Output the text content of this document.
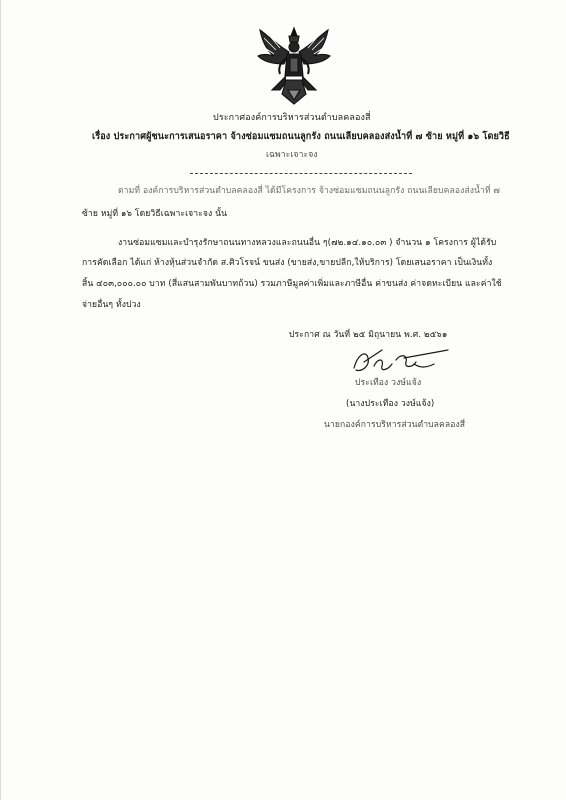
ประกาศองค์การบริหารส่วนตำบลคลองสี่
เรื่อง ประกาศผู้ชนะการเสนอราคา จ้างซ่อมแซมถนนลูกรัง ถนนเลียบคลองส่งน้ำที่ ๗ ซ้าย หมู่ที่ ๑๖ โดยวิธี
เฉพาะเจาะจง
ตามที่ องค์การบริหารส่วนตำบลคลองสี่ ได้มีโครงการ จ้างซ่อมแซมถนนลูกรัง ถนนเลียบคลองส่งน้ำที่ ๗
ซ้าย หมู่ที่ ๑๖ โดยวิธีเฉพาะเจาะจง นั้น
งานซ่อมแซมและบำรุงรักษาถนนทางหลวงและถนนอื่น ๆ(๗๒.๑๔.๑๐.๐๓ ) จำนวน ๑ โครงการ ผู้ได้รับ
การคัดเลือก ได้แก่ ห้างหุ้นส่วนจำกัด ส.ศิวโรจน์ ขนส่ง (ขายส่ง,ขายปลีก,ให้บริการ) โดยเสนอราคา เป็นเงินทั้ง
สิ้น ๔๐๓,๐๐๐.๐๐ บาท (สี่แสนสามพันบาทถ้วน) รวมภาษีมูลค่าเพิ่มและภาษีอื่น ค่าขนส่ง ค่าจดทะเบียน และค่าใช้
จ่ายอื่นๆ ทั้งปวง
ประกาศ ณ วันที่ ๒๕ มิถุนายน พ.ศ. ๒๕๖๑
ประเทือง วงษ์แจ้ง
(นางประเทือง วงษ์แจ้ง)
นายกองค์การบริหารส่วนตำบลคลองสี่
